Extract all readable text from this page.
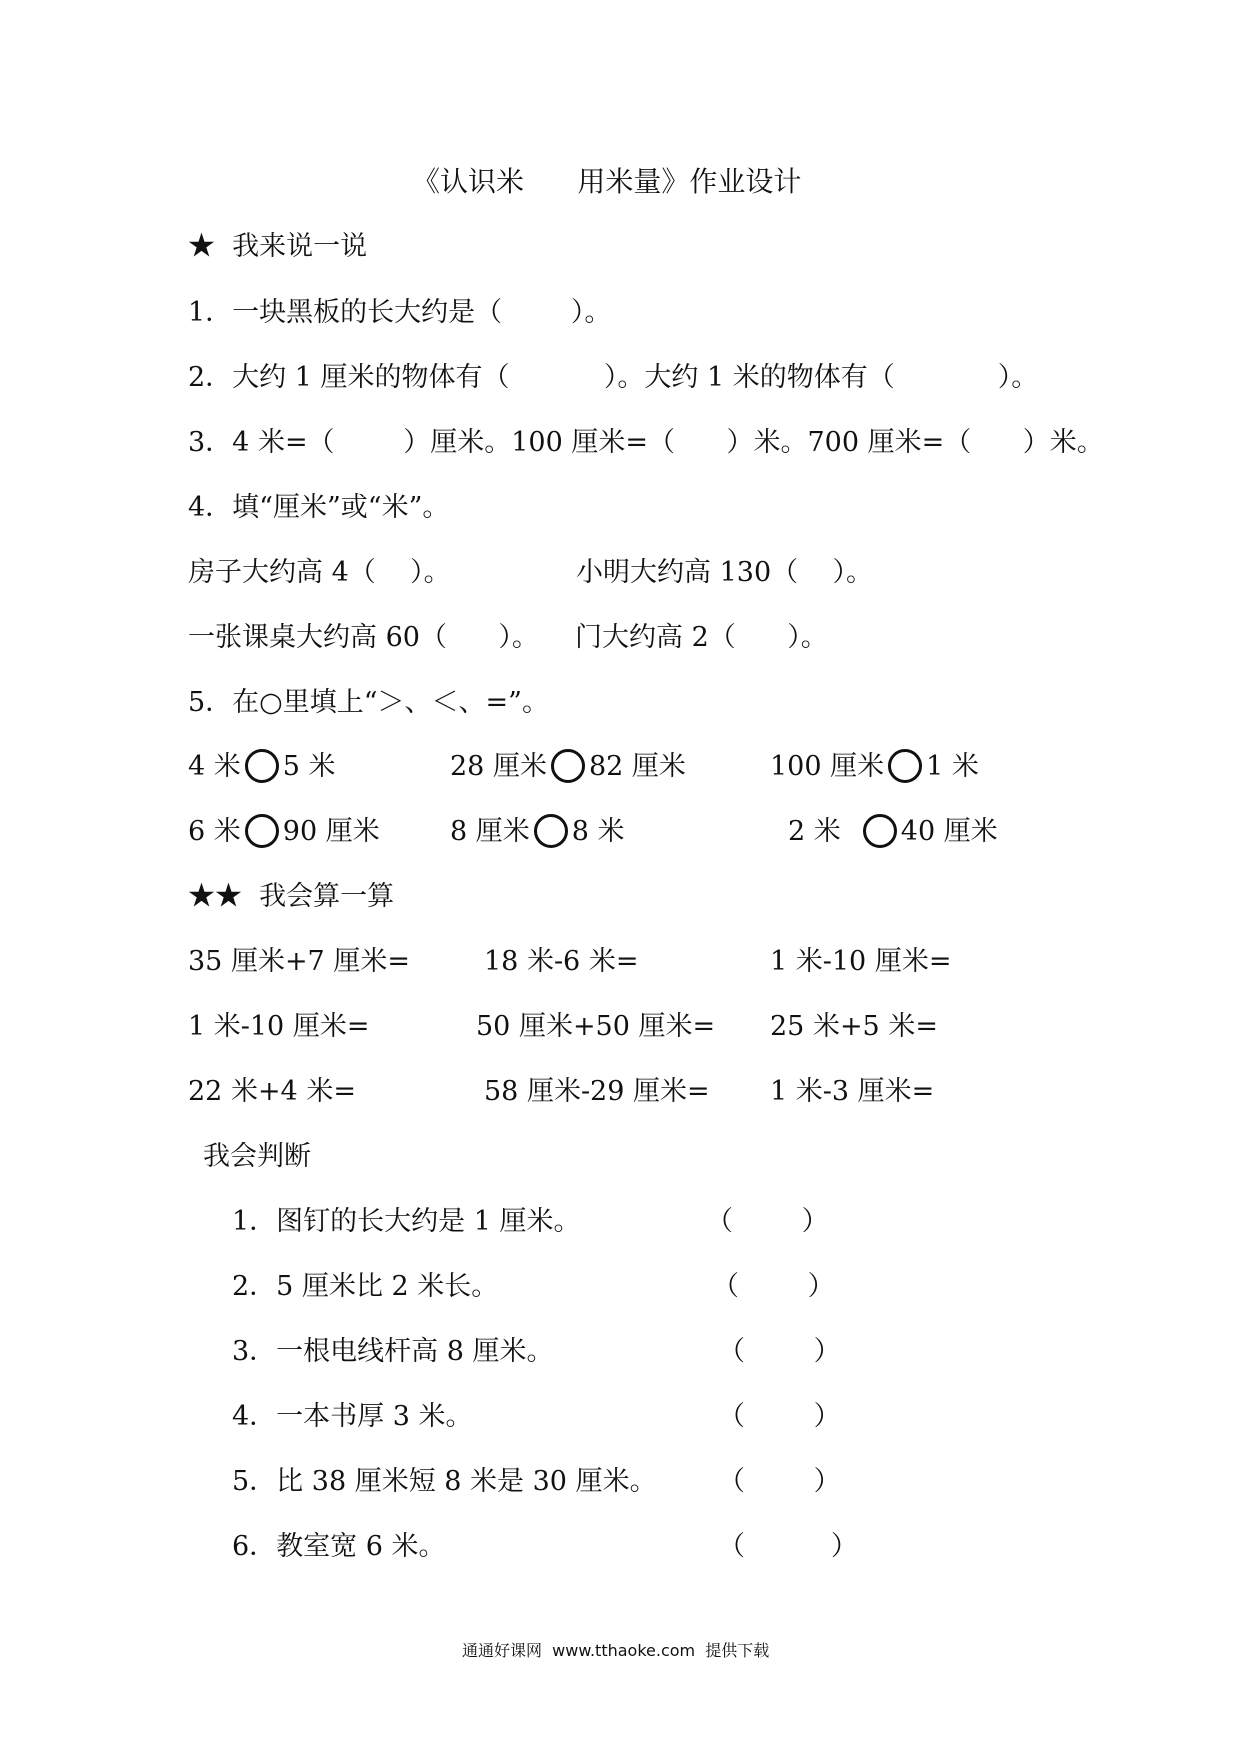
《认识米      用米量》作业设计
★  我来说一说
1．一块黑板的长大约是（        ）。
2．大约 1 厘米的物体有（           ）。大约 1 米的物体有（            ）。
3．4 米=（        ）厘米。100 厘米=（      ）米。700 厘米=（      ）米。
4．填“厘米”或“米”。
房子大约高 4（    ）。	小明大约高 130（    ）。
一张课桌大约高 60（      ）。 门大约高 2（      ）。
5．在○里填上“＞、＜、=”。
4 米 5 米	28 厘米 82 厘米	100 厘米 1 米
6 米 90 厘米	8 厘米 8 米	2 米 40 厘米
★★  我会算一算
35 厘米+7 厘米=	18 米-6 米=	1 米-10 厘米=
1 米-10 厘米=	50 厘米+50 厘米= 25 米+5 米=
22 米+4 米=	58 厘米-29 厘米= 1 米-3 厘米=
我会判断
1．图钉的长大约是 1 厘米。	（        ）
2．5 厘米比 2 米长。	（        ）
3．一根电线杆高 8 厘米。	（        ）
4．一本书厚 3 米。	（        ）
5．比 38 厘米短 8 米是 30 厘米。 （        ）
6．教室宽 6 米。	（          ）
通通好课网  www.tthaoke.com  提供下载
